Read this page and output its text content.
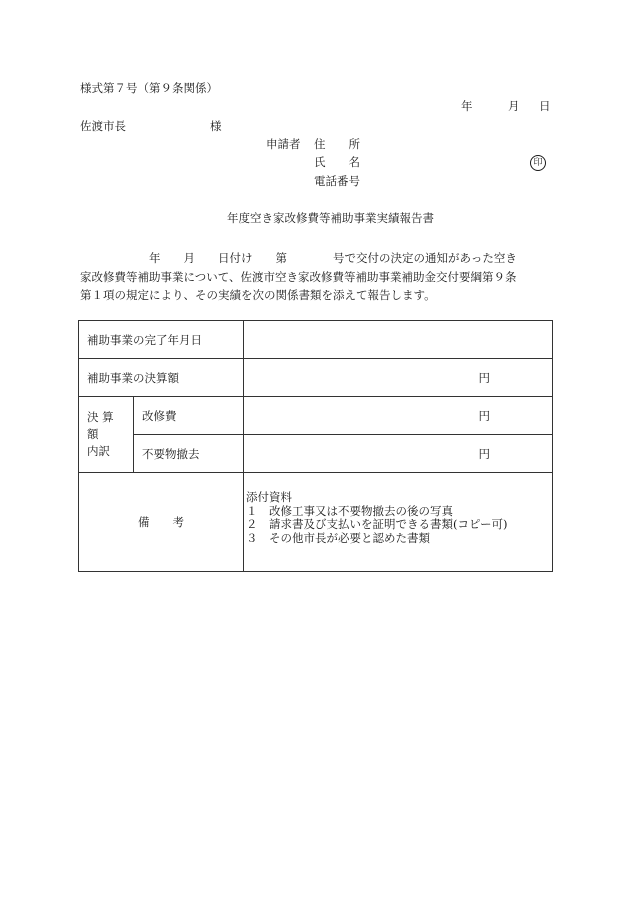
様式第７号（第９条関係）
年	月 日
佐渡市長	様
申請者 住　　所
氏　　名	印
電話番号
年度空き家改修費等補助事業実績報告書

　　　　　　年　　月　　日付け　　第　　　　号で交付の決定の通知があった空き

家改修費等補助事業について、佐渡市空き家改修費等補助事業補助金交付要綱第９条

第１項の規定により、その実績を次の関係書類を添えて報告します。

補助事業の完了年月日		
補助事業の決算額		円

決 算 額
内訳	改修費	円
	不要物撤去	円
備　　考		添付資料
１　改修工事又は不要物撤去の後の写真
２　請求書及び支払いを証明できる書類(コピー可)
３　その他市長が必要と認めた書類
